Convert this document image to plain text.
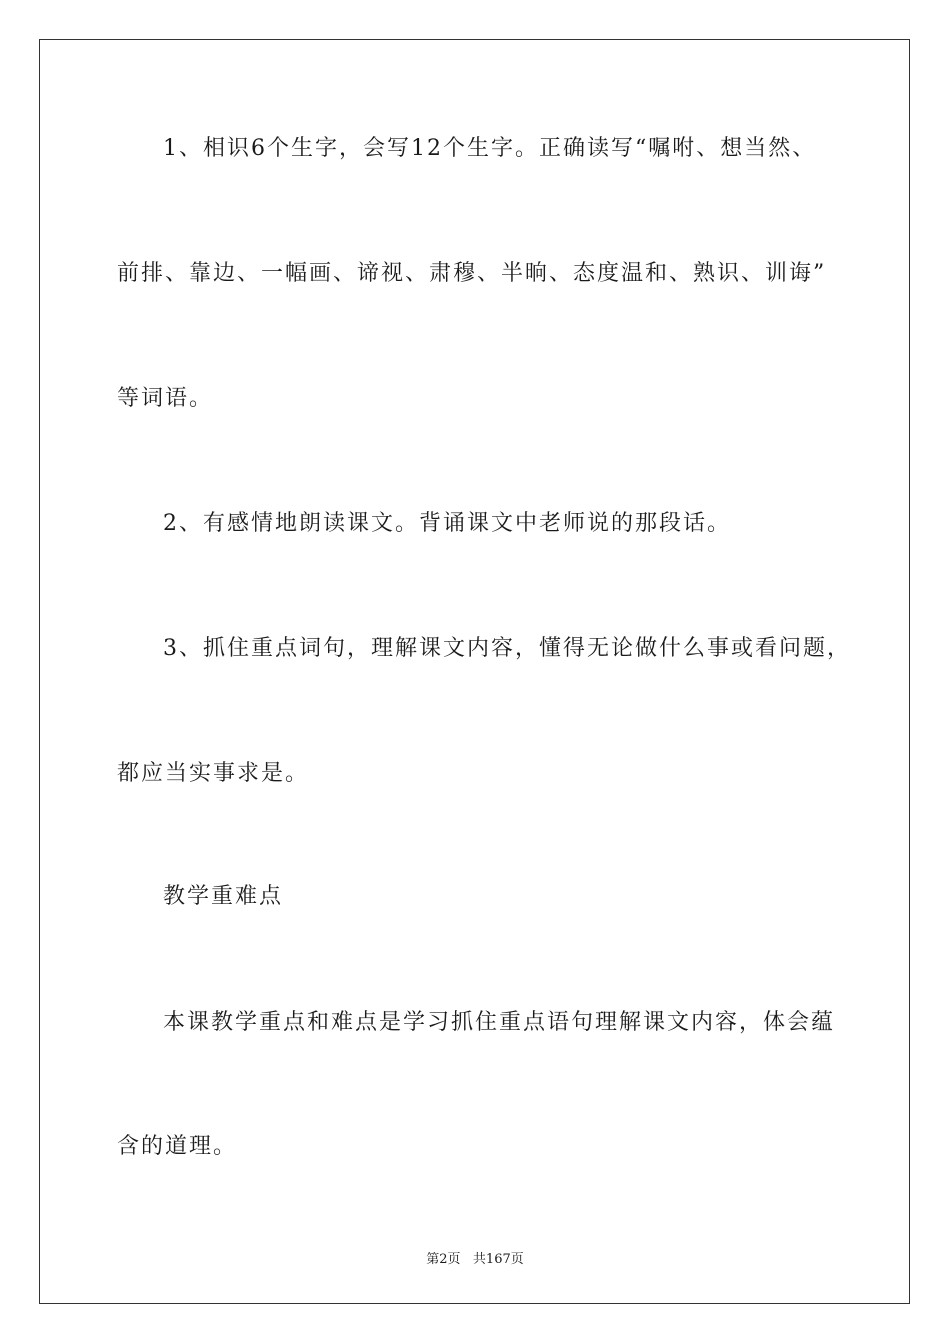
1、相识6个生字，会写12个生字。正确读写“嘱咐、想当然、
前排、靠边、一幅画、谛视、肃穆、半晌、态度温和、熟识、训诲”
等词语。
2、有感情地朗读课文。背诵课文中老师说的那段话。
3、抓住重点词句，理解课文内容，懂得无论做什么事或看问题，
都应当实事求是。
教学重难点
本课教学重点和难点是学习抓住重点语句理解课文内容，体会蕴
含的道理。
第2页 共167页
